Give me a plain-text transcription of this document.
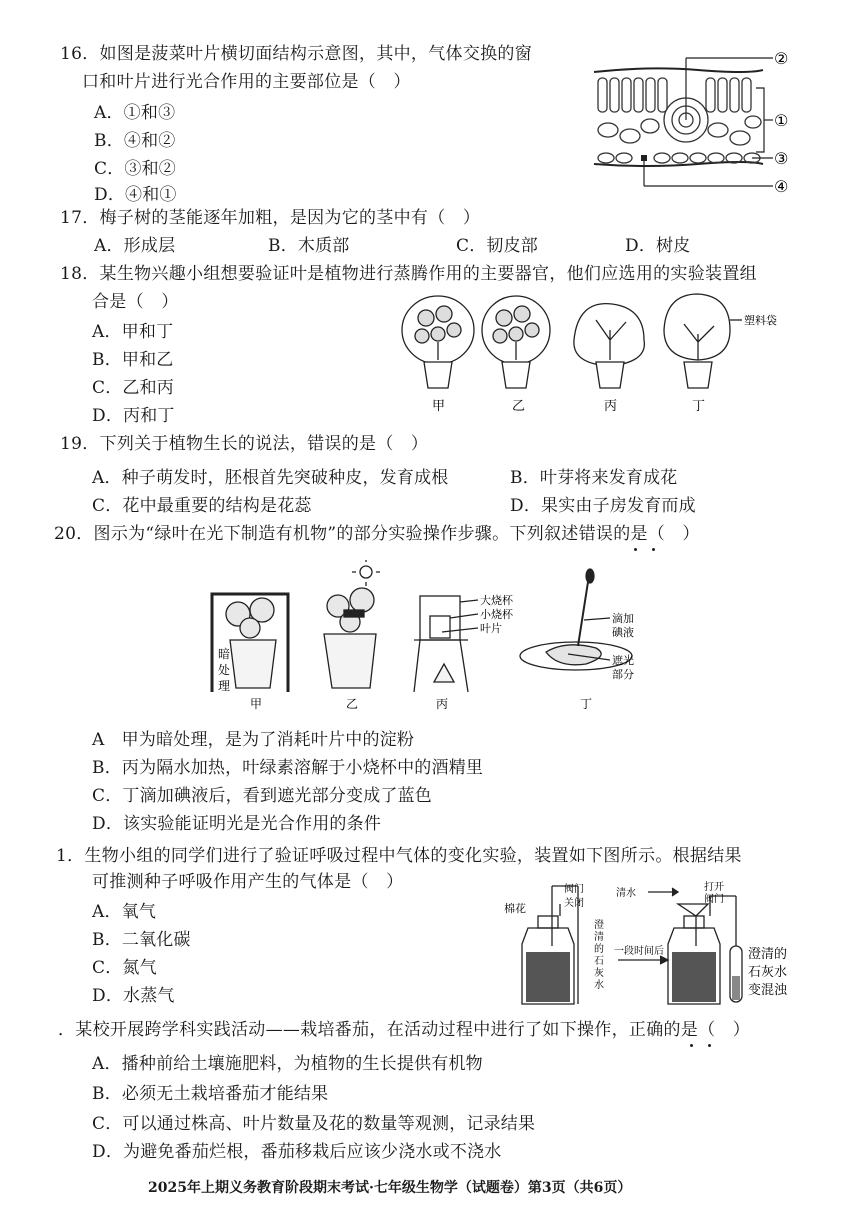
16．如图是菠菜叶片横切面结构示意图，其中，气体交换的窗
口和叶片进行光合作用的主要部位是（　）
A．①和③
B．④和②
C．③和②
D．④和①
②
①
③
④
17．梅子树的茎能逐年加粗，是因为它的茎中有（　）
A．形成层	B．木质部	C．韧皮部	D．树皮
18．某生物兴趣小组想要验证叶是植物进行蒸腾作用的主要器官，他们应选用的实验装置组
合是（　）
A．甲和丁
B．甲和乙
C．乙和丙
D．丙和丁
塑料袋
甲	乙	丙	丁
19．下列关于植物生长的说法，错误的是（　）
A．种子萌发时，胚根首先突破种皮，发育成根	B．叶芽将来发育成花
C．花中最重要的结构是花蕊	D．果实由子房发育而成
20．图示为“绿叶在光下制造有机物”的部分实验操作步骤。下列叙述错误的是（　）
暗
处
理
大烧杯
小烧杯
叶片
滴加
碘液
遮光
部分
甲	乙	丙	丁
A　甲为暗处理，是为了消耗叶片中的淀粉
B．丙为隔水加热，叶绿素溶解于小烧杯中的酒精里
C．丁滴加碘液后，看到遮光部分变成了蓝色
D．该实验能证明光是光合作用的条件
1．生物小组的同学们进行了验证呼吸过程中气体的变化实验，装置如下图所示。根据结果
可推测种子呼吸作用产生的气体是（　）
A．氧气
B．二氧化碳
C．氮气
D．水蒸气
棉花
阀门
关闭
澄
清
的
石
灰
水
一段时间后
清水
打开
阀门
澄清的
石灰水
变混浊
．某校开展跨学科实践活动——栽培番茄，在活动过程中进行了如下操作，正确的是（　）
A．播种前给土壤施肥料，为植物的生长提供有机物
B．必须无土栽培番茄才能结果
C．可以通过株高、叶片数量及花的数量等观测，记录结果
D．为避免番茄烂根，番茄移栽后应该少浇水或不浇水
2025年上期义务教育阶段期末考试·七年级生物学（试题卷）第3页（共6页）
